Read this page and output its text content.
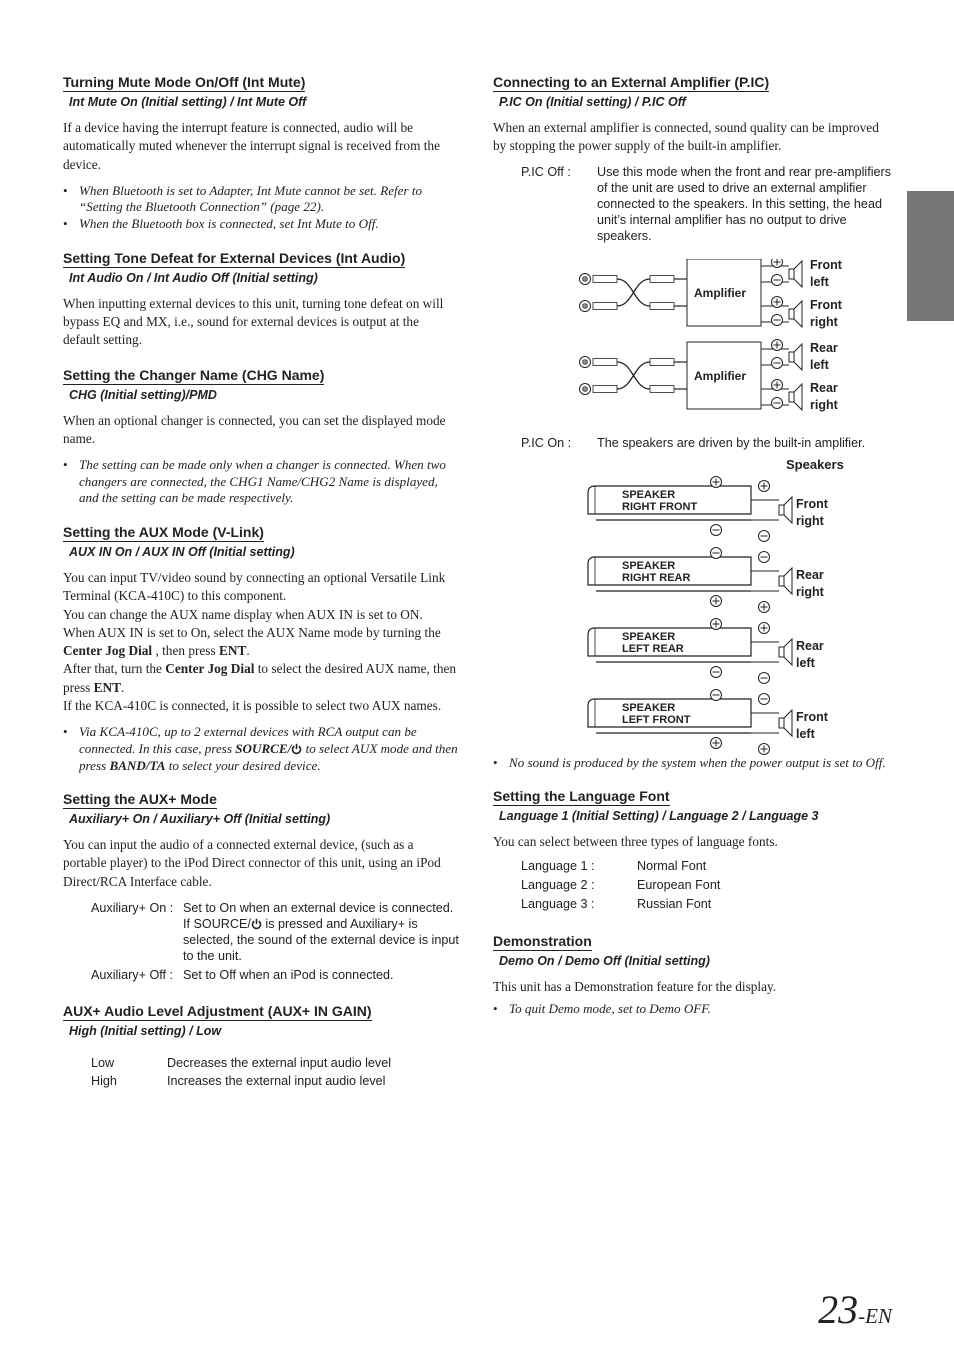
Turning Mute Mode On/Off (Int Mute)
Int Mute On (Initial setting) / Int Mute Off

If a device having the interrupt feature is connected, audio will be automatically muted whenever the interrupt signal is received from the device.

• When Bluetooth is set to Adapter, Int Mute cannot be set. Refer to “Setting the Bluetooth Connection” (page 22).
• When the Bluetooth box is connected, set Int Mute to Off.
Setting Tone Defeat for External Devices (Int Audio)
Int Audio On / Int Audio Off (Initial setting)

When inputting external devices to this unit, turning tone defeat on will bypass EQ and MX, i.e., sound for external devices is output at the default setting.

Setting the Changer Name (CHG Name)
CHG (Initial setting)/PMD

When an optional changer is connected, you can set the displayed mode name.

• The setting can be made only when a changer is connected. When two changers are connected, the CHG1 Name/CHG2 Name is displayed, and the setting can be made respectively.
Setting the AUX Mode (V-Link)
AUX IN On / AUX IN Off (Initial setting)

You can input TV/video sound by connecting an optional Versatile Link Terminal (KCA-410C) to this component.
You can change the AUX name display when AUX IN is set to ON.
When AUX IN is set to On, select the AUX Name mode by turning the Center Jog Dial , then press ENT.
After that, turn the Center Jog Dial to select the desired AUX name, then press ENT.
If the KCA-410C is connected, it is possible to select two AUX names.

• Via KCA-410C, up to 2 external devices with RCA output can be connected. In this case, press SOURCE/ to select AUX mode and then press BAND/TA to select your desired device.
Setting the AUX+ Mode
Auxiliary+ On / Auxiliary+ Off (Initial setting)

You can input the audio of a connected external device, (such as a portable player) to the iPod Direct connector of this unit, using an iPod Direct/RCA Interface cable.

Auxiliary+ On :	Set to On when an external device is connected. If SOURCE/ is pressed and Auxiliary+ is selected, the sound of the external device is input to the unit.
Auxiliary+ Off :	Set to Off when an iPod is connected.
AUX+ Audio Level Adjustment (AUX+ IN GAIN)
High (Initial setting) / Low
Low	Decreases the external input audio level
High	Increases the external input audio level
Connecting to an External Amplifier (P.IC)
P.IC On (Initial setting) / P.IC Off

When an external amplifier is connected, sound quality can be improved by stopping the power supply of the built-in amplifier.

P.IC Off :	Use this mode when the front and rear pre-amplifiers of the unit are used to drive an external amplifier connected to the speakers. In this setting, the head unit’s internal amplifier has no output to drive speakers.
Amplifier
Front
left
Front
right
Amplifier
Rear
left
Rear
right
P.IC On :	The speakers are driven by the built-in amplifier.
Speakers
SPEAKER
RIGHT FRONT	Front
right
SPEAKER
RIGHT REAR	Rear
right
SPEAKER
LEFT REAR	Rear
left
SPEAKER
LEFT FRONT	Front
left
• No sound is produced by the system when the power output is set to Off.
Setting the Language Font
Language 1 (Initial Setting) / Language 2 / Language 3

You can select between three types of language fonts.

Language 1 :	Normal Font
Language 2 :	European Font
Language 3 :	Russian Font
Demonstration
Demo On / Demo Off (Initial setting)

This unit has a Demonstration feature for the display.

• To quit Demo mode, set to Demo OFF.
23-EN
